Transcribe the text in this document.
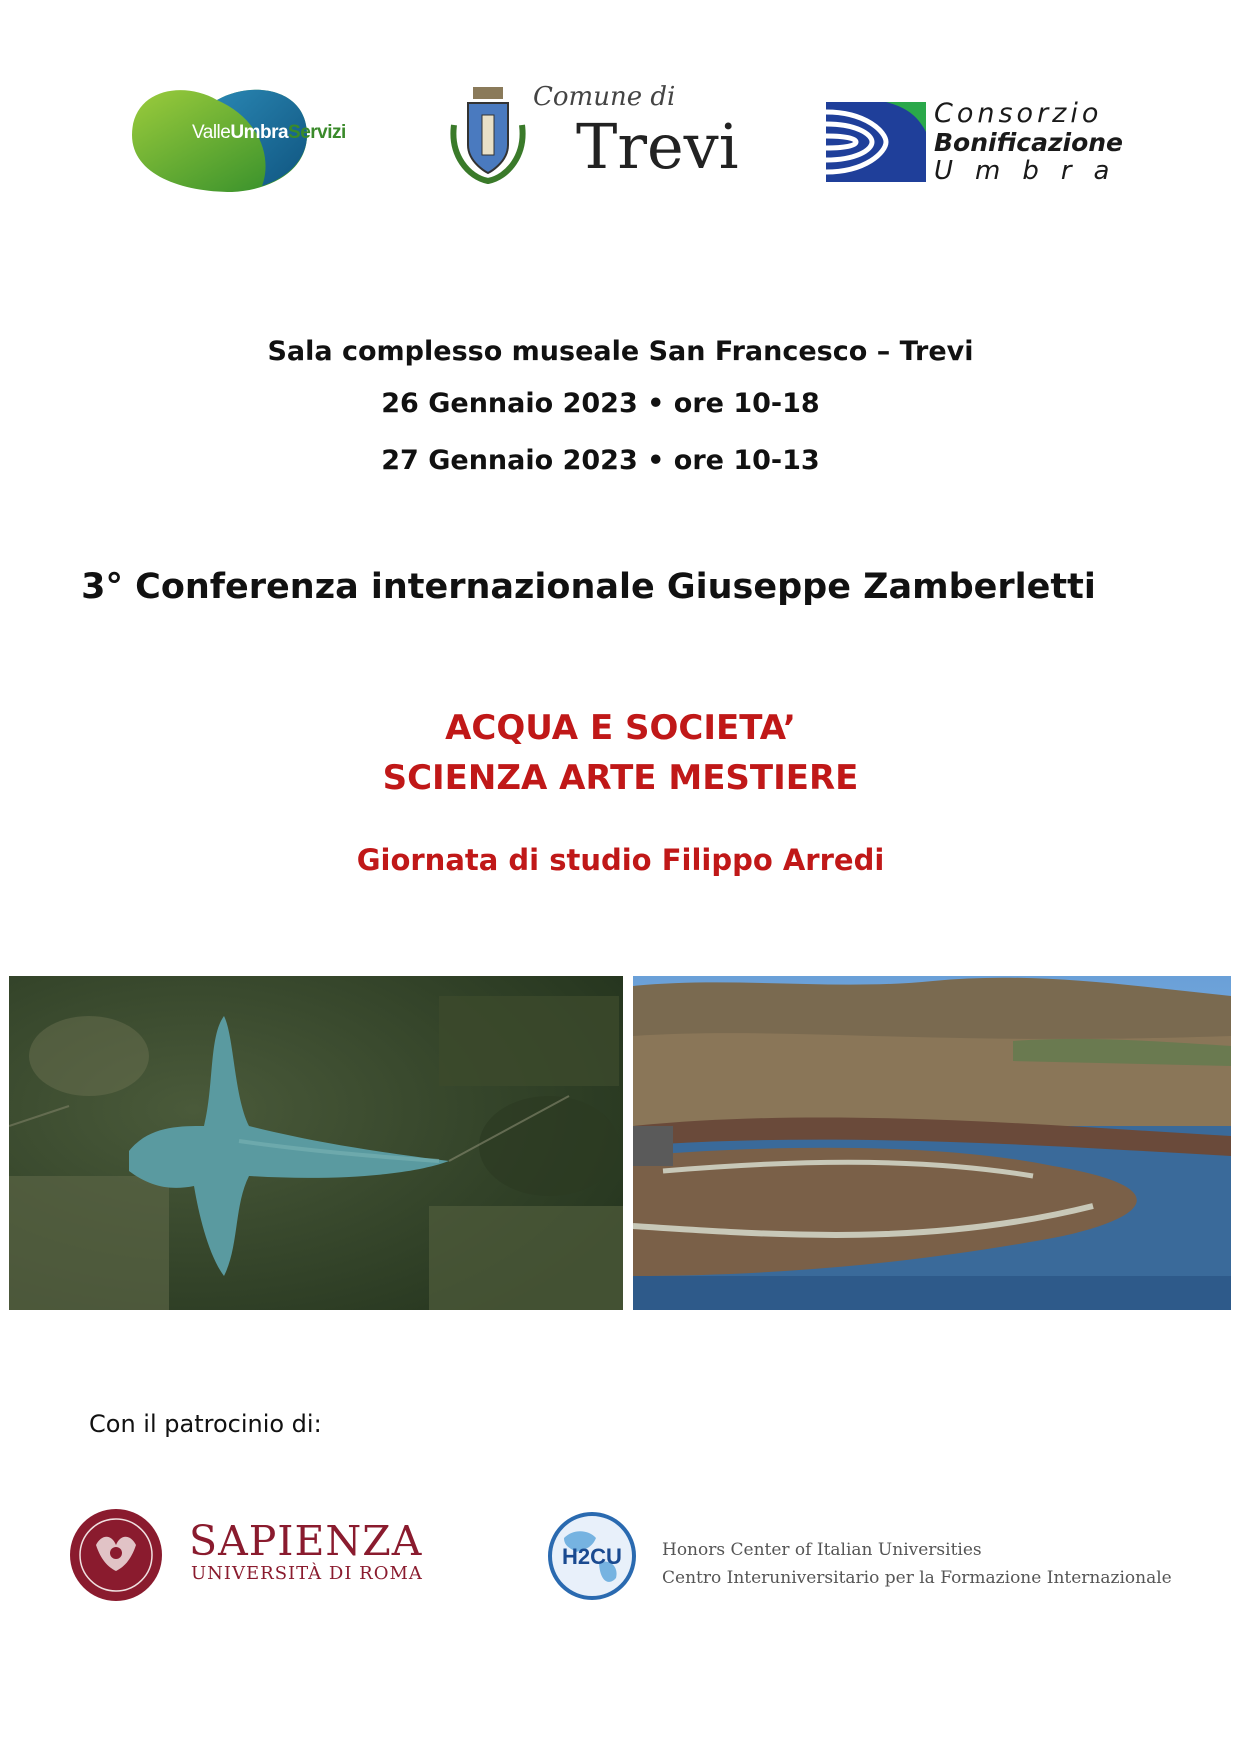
ValleUmbraServizi
Comune di
Trevi	Consorzio
Bonificazione
Umbra
Sala complesso museale San Francesco – Trevi
26 Gennaio 2023 • ore 10-18
27 Gennaio 2023 • ore 10-13
3° Conferenza internazionale Giuseppe Zamberletti
ACQUA E SOCIETA’
SCIENZA ARTE MESTIERE
Giornata di studio Filippo Arredi
Con il patrocinio di:
SAPIENZA
UNIVERSITÀ DI ROMA
H2CU Honors Center of Italian Universities
Centro Interuniversitario per la Formazione Internazionale
